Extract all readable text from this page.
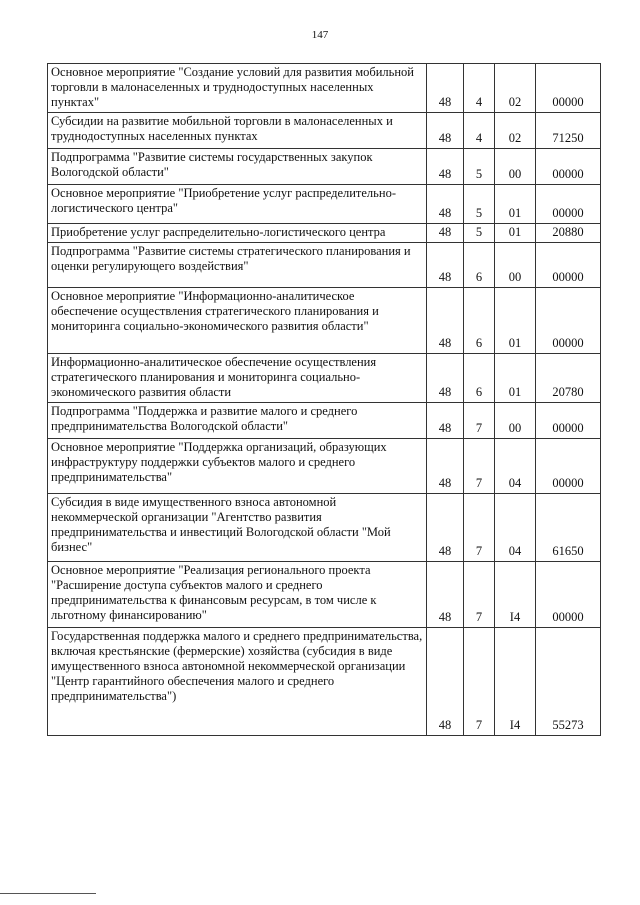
147
Основное мероприятие "Создание условий для развития мобильной торговли в малонаселенных и труднодоступных населенных пунктах"	48	4	02	00000
Субсидии на развитие мобильной торговли в малонаселенных и труднодоступных населенных пунктах	48	4	02	71250
Подпрограмма "Развитие системы государственных закупок Вологодской области"	48	5	00	00000
Основное мероприятие "Приобретение услуг распределительно-логистического центра"	48	5	01	00000
Приобретение услуг распределительно-логистического центра	48	5	01	20880
Подпрограмма "Развитие системы стратегического планирования и оценки регулирующего воздействия"	48	6	00	00000
Основное мероприятие "Информационно-аналитическое обеспечение осуществления стратегического планирования и мониторинга социально-экономического развития области"	48	6	01	00000
Информационно-аналитическое обеспечение осуществления стратегического планирования и мониторинга социально-экономического развития области	48	6	01	20780
Подпрограмма "Поддержка и развитие малого и среднего предпринимательства Вологодской области"	48	7	00	00000
Основное мероприятие "Поддержка организаций, образующих инфраструктуру поддержки субъектов малого и среднего предпринимательства"	48	7	04	00000
Субсидия в виде имущественного взноса автономной некоммерческой организации "Агентство развития предпринимательства и инвестиций Вологодской области "Мой бизнес"	48	7	04	61650
Основное мероприятие "Реализация регионального проекта "Расширение доступа субъектов малого и среднего предпринимательства к финансовым ресурсам, в том числе к льготному финансированию"	48	7	I4	00000
Государственная поддержка малого и среднего предпринимательства, включая крестьянские (фермерские) хозяйства (субсидия в виде имущественного взноса автономной некоммерческой организации "Центр гарантийного обеспечения малого и среднего предпринимательства")	48	7	I4	55273
